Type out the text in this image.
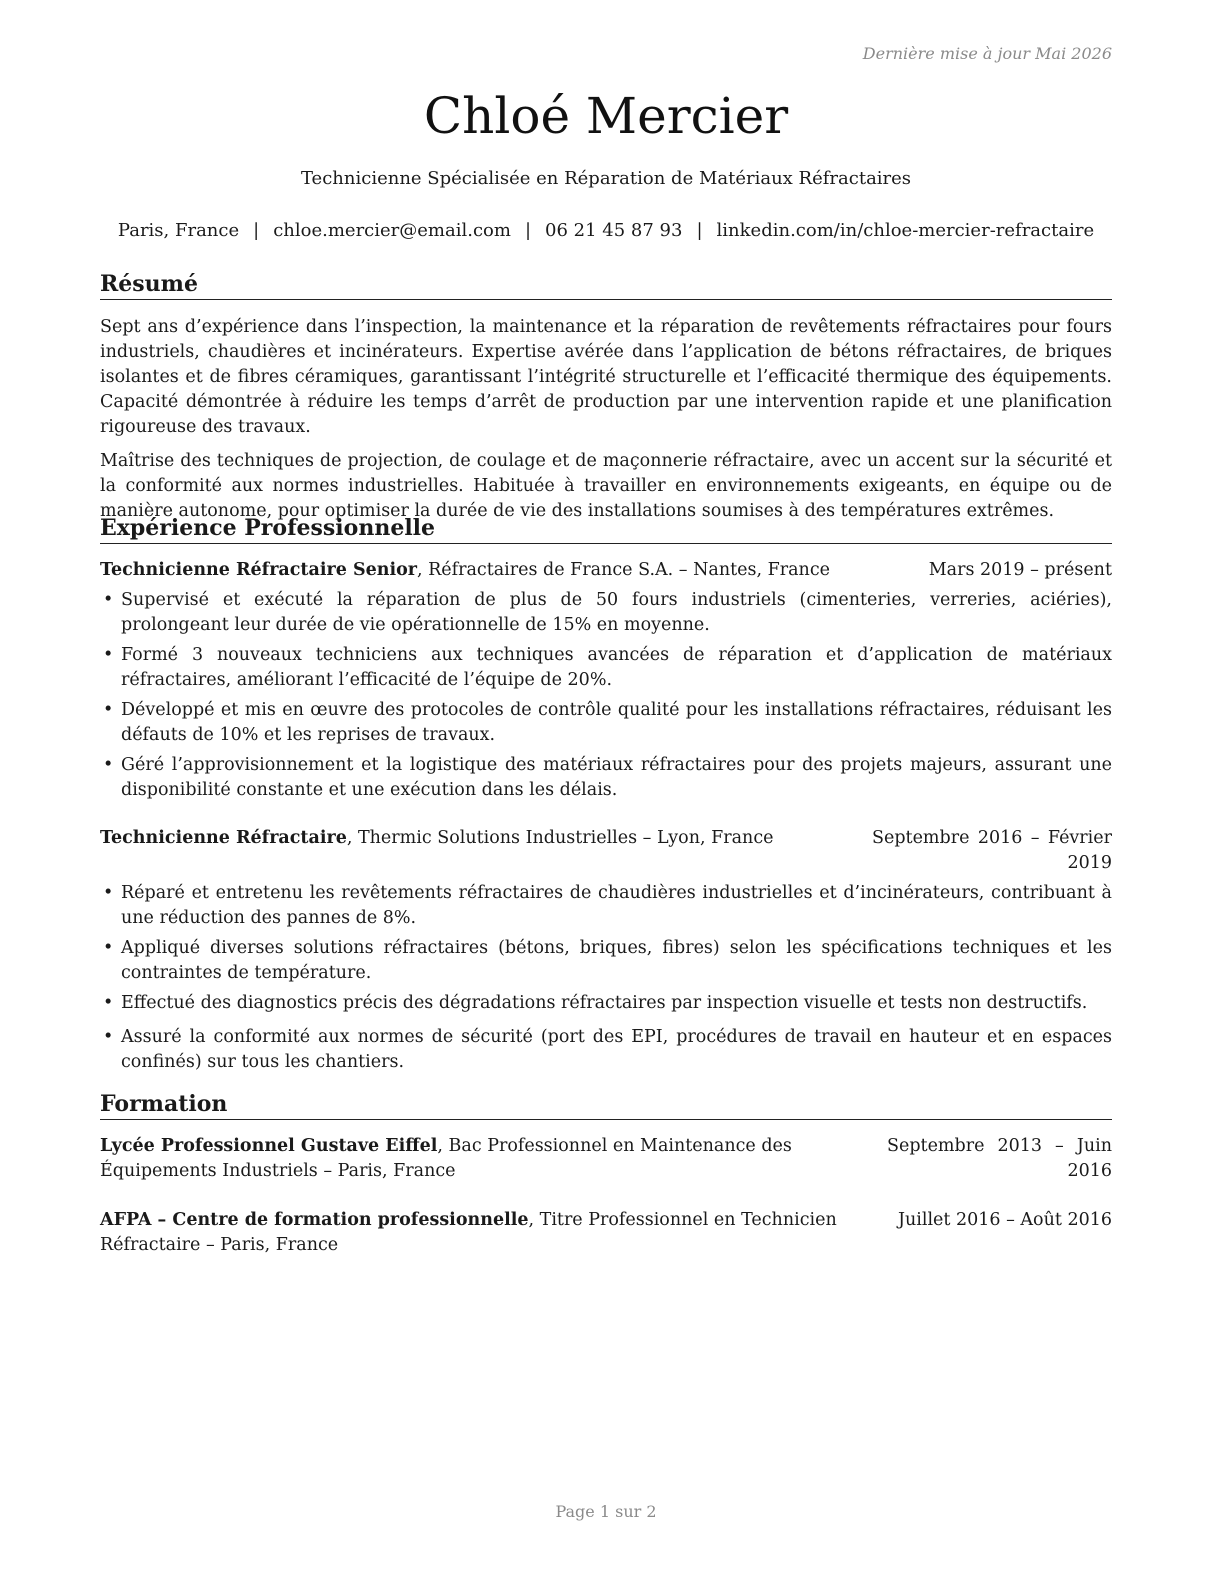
Dernière mise à jour Mai 2026
Chloé Mercier
Technicienne Spécialisée en Réparation de Matériaux Réfractaires
Paris, France | chloe.mercier@email.com | 06 21 45 87 93 | linkedin.com/in/chloe-mercier-refractaire
Résumé

Sept ans d’expérience dans l’inspection, la maintenance et la réparation de revêtements réfractaires pour fours industriels, chaudières et incinérateurs. Expertise avérée dans l’application de bétons réfractaires, de briques isolantes et de fibres céramiques, garantissant l’intégrité structurelle et l’efficacité thermique des équipements. Capacité démontrée à réduire les temps d’arrêt de production par une intervention rapide et une planification rigoureuse des travaux.

Maîtrise des techniques de projection, de coulage et de maçonnerie réfractaire, avec un accent sur la sécurité et la conformité aux normes industrielles. Habituée à travailler en environnements exigeants, en équipe ou de manière autonome, pour optimiser la durée de vie des installations soumises à des températures extrêmes.

Expérience Professionnelle
Technicienne Réfractaire Senior, Réfractaires de France S.A. – Nantes, France	Mars 2019 – présent
• Supervisé et exécuté la réparation de plus de 50 fours industriels (cimenteries, verreries, aciéries), prolongeant leur durée de vie opérationnelle de 15% en moyenne.
• Formé 3 nouveaux techniciens aux techniques avancées de réparation et d’application de matériaux réfractaires, améliorant l’efficacité de l’équipe de 20%.
• Développé et mis en œuvre des protocoles de contrôle qualité pour les installations réfractaires, réduisant les défauts de 10% et les reprises de travaux.
• Géré l’approvisionnement et la logistique des matériaux réfractaires pour des projets majeurs, assurant une disponibilité constante et une exécution dans les délais.
Technicienne Réfractaire, Thermic Solutions Industrielles – Lyon, France	Septembre 2016 – Février 2019
• Réparé et entretenu les revêtements réfractaires de chaudières industrielles et d’incinérateurs, contribuant à une réduction des pannes de 8%.
• Appliqué diverses solutions réfractaires (bétons, briques, fibres) selon les spécifications techniques et les contraintes de température.
• Effectué des diagnostics précis des dégradations réfractaires par inspection visuelle et tests non destructifs.
• Assuré la conformité aux normes de sécurité (port des EPI, procédures de travail en hauteur et en espaces confinés) sur tous les chantiers.
Formation
Lycée Professionnel Gustave Eiffel, Bac Professionnel en Maintenance des Équipements Industriels – Paris, France
Septembre 2013 – Juin 2016
AFPA – Centre de formation professionnelle, Titre Professionnel en Technicien Réfractaire – Paris, France
Juillet 2016 – Août 2016
Page 1 sur 2
